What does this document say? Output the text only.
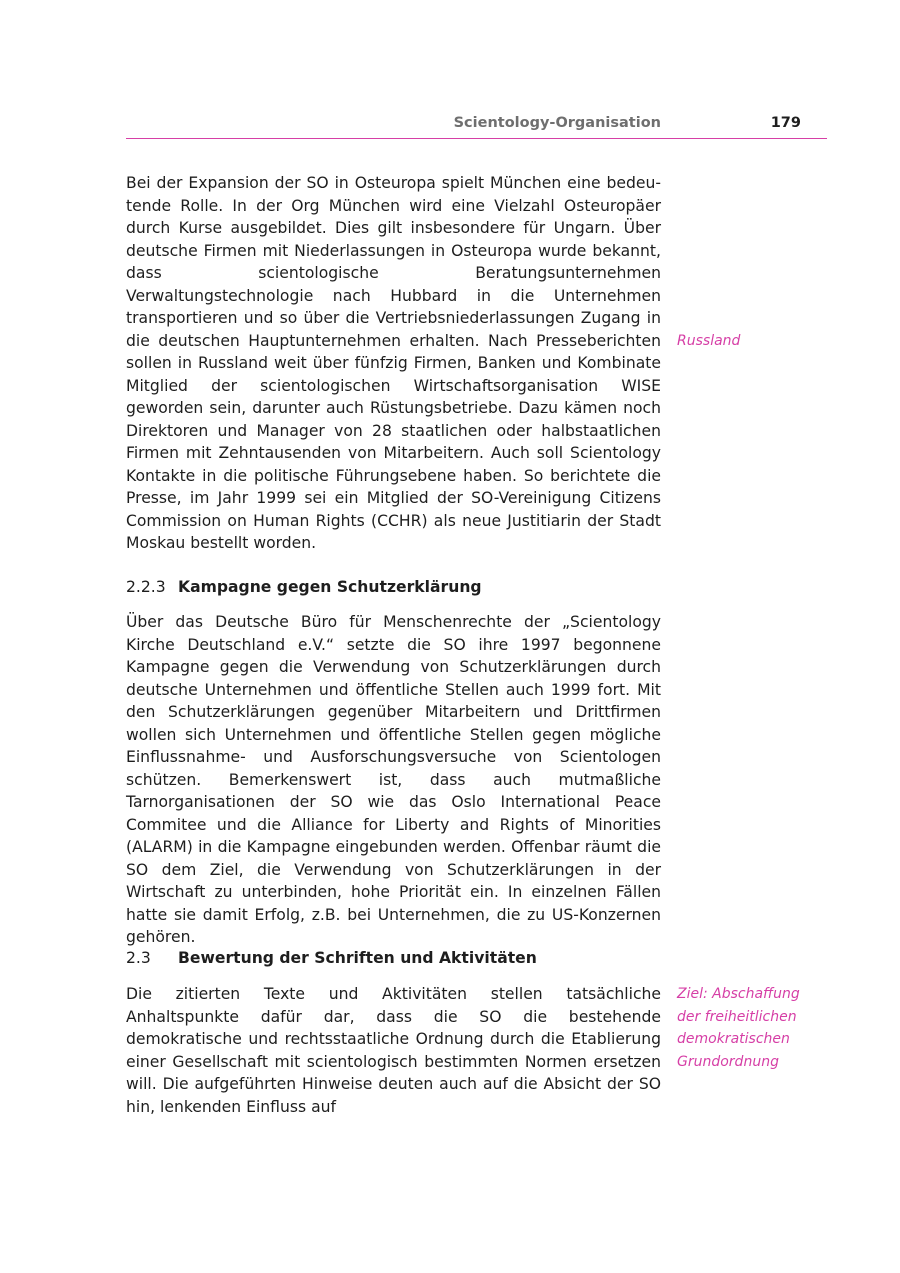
Scientology-Organisation	179

Bei der Expansion der SO in Osteuropa spielt München eine bedeutende Rolle. In der Org München wird eine Vielzahl Osteuropäer durch Kurse ausgebildet. Dies gilt insbesondere für Ungarn. Über deutsche Firmen mit Niederlassungen in Osteuropa wurde bekannt, dass scientologische Beratungsunternehmen Verwaltungstechnologie nach Hubbard in die Unternehmen transportieren und so über die Vertriebsniederlassungen Zugang in die deutschen Hauptunternehmen erhalten. Nach Presseberichten sollen in Russland weit über fünfzig Firmen, Banken und Kombinate Mitglied der scientologischen Wirtschaftsorganisation WISE geworden sein, darunter auch Rüstungsbetriebe. Dazu kämen noch Direktoren und Manager von 28 staatlichen oder halbstaatlichen Firmen mit Zehntausenden von Mitarbeitern. Auch soll Scientology Kontakte in die politische Führungsebene haben. So berichtete die Presse, im Jahr 1999 sei ein Mitglied der SO-Vereinigung Citizens Commission on Human Rights (CCHR) als neue Justitiarin der Stadt Moskau bestellt worden.

Russland

2.2.3 Kampagne gegen Schutzerklärung

Über das Deutsche Büro für Menschenrechte der „Scientology Kirche Deutschland e.V.“ setzte die SO ihre 1997 begonnene Kampagne gegen die Verwendung von Schutzerklärungen durch deutsche Unternehmen und öffentliche Stellen auch 1999 fort. Mit den Schutzerklärungen gegenüber Mitarbeitern und Drittfirmen wollen sich Unternehmen und öffentliche Stellen gegen mögliche Einflussnahme- und Ausforschungsversuche von Scientologen schützen. Bemerkenswert ist, dass auch mutmaßliche Tarnorganisationen der SO wie das Oslo International Peace Commitee und die Alliance for Liberty and Rights of Minorities (ALARM) in die Kampagne eingebunden werden. Offenbar räumt die SO dem Ziel, die Verwendung von Schutzerklärungen in der Wirtschaft zu unterbinden, hohe Priorität ein. In einzelnen Fällen hatte sie damit Erfolg, z.B. bei Unternehmen, die zu US-Konzernen gehören.

2.3 Bewertung der Schriften und Aktivitäten

Die zitierten Texte und Aktivitäten stellen tatsächliche Anhaltspunkte dafür dar, dass die SO die bestehende demokratische und rechtsstaatliche Ordnung durch die Etablierung einer Gesellschaft mit scientologisch bestimmten Normen ersetzen will. Die aufgeführten Hinweise deuten auch auf die Absicht der SO hin, lenkenden Einfluss auf

Ziel: Abschaffung der freiheitlichen demokratischen Grundordnung
